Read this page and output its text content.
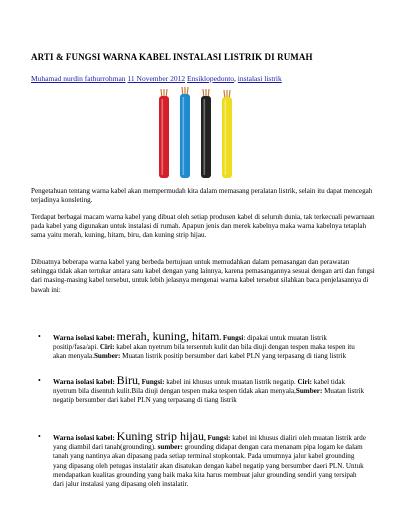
ARTI & FUNGSI WARNA KABEL INSTALASI LISTRIK DI RUMAH
Muhamad nurdin fathurrohman 11 November 2012 Ensiklopedonto, instalasi listrik

Pengetahuan tentang warna kabel akan mempermudah kita dalam memasang peralatan listrik, selain itu dapat mencegah terjadinya konsleting.

Terdapat berbagai macam warna kabel yang dibuat oleh setiap produsen kabel di seluruh dunia, tak terkecuali pewarnaan pada kabel yang digunakan untuk instalasi di rumah. Apapun jenis dan merek kabelnya maka warna kabelnya tetaplah sama yaitu merah, kuning, hitam, biru, dan kuning strip hijau.

Dibuatnya beberapa warna kabel yang berbeda bertujuan untuk memudahkan dalam pemasangan dan perawatan sehingga tidak akan tertukar antara satu kabel dengan yang lainnya, karena pemasangannya sesuai dengan arti dan fungsi dari masing-masing kabel tersebut, untuk lebih jelasnya mengenai warna kabel tersebut silahkan baca penjelasannya di bawah ini:

• Warna isolasi kabel: merah, kuning, hitam. Fungsi: dipakai untuk muatan listrik positip/fasa/api. Ciri: kabel akan nyetrum bila tersentuh kulit dan bila diuji dengan tespen maka tespen itu akan menyala.Sumber: Muatan listrik positip bersumber dari kabel PLN yang terpasang di tiang listrik
• Warna isolasi kabel: Biru, Fungsi: kabel ini khusus untuk muatan listrik negatip. Ciri: kabel tidak nyetrum bila disentuh kulit.Bila diuji dengan tespen maka tespen tidak akan menyala,Sumber: Muatan listrik negatip bersumber dari kabel PLN yang terpasang di tiang listrik
• Warna isolasi kabel: Kuning strip hijau, Fungsi: kabel ini khusus dialiri oleh muatan listrik arde yang diambil dari tanah(grounding). sumber: grounding didapat dengan cara menanam pipa logam ke dalam tanah yang nantinya akan dipasang pada setiap terminal stopkontak. Pada umumnya jalur kabel grounding yang dipasang oleh petugas instalatir akan disatukan dengan kabel negatip yang bersumber daeri PLN. Untuk mendapatkan kualitas grounding yang baik maka kita harus membuat jalur grounding sendiri yang tersipah dari jalur instalasi yang dipasang oleh instalatir.
